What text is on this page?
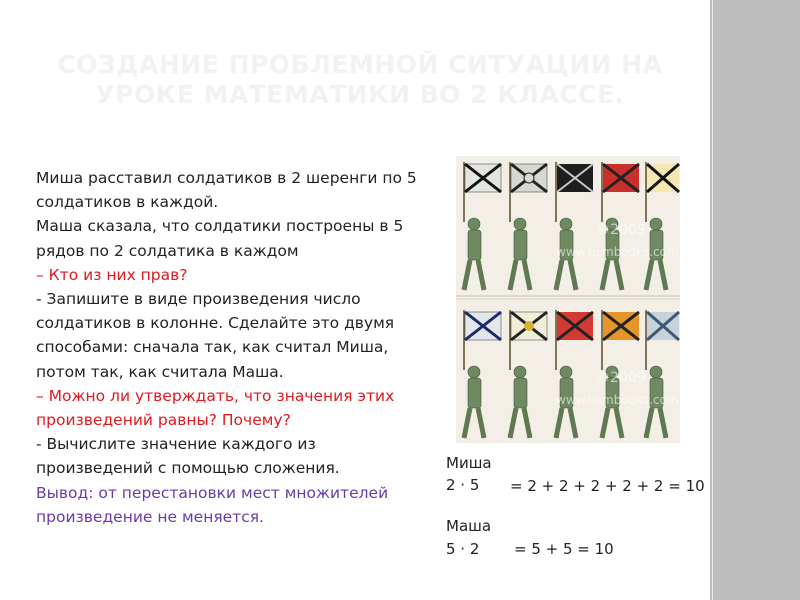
СОЗДАНИЕ ПРОБЛЕМНОЙ СИТУАЦИИ НА
УРОКЕ МАТЕМАТИКИ ВО 2 КЛАССЕ.

Миша расставил солдатиков в 2 шеренги по 5 солдатиков в каждой.

Маша сказала, что солдатики построены в 5 рядов по 2 солдатика в каждом

– Кто из них прав?

- Запишите в виде произведения число солдатиков в колонне. Сделайте это двумя способами: сначала так, как считал Миша, потом так, как считала Маша.

– Можно ли утверждать, что значения этих произведений равны? Почему?

- Вычислите значение каждого из произведений с помощью сложения.

Вывод: от перестановки мест множителей произведение не меняется.

©2009
www.usmbooks.com
©2009
www.usmbooks.com
Миша
2 · 5 = 2 + 2 + 2 + 2 + 2 = 10
Маша
5 · 2 = 5 + 5 = 10
